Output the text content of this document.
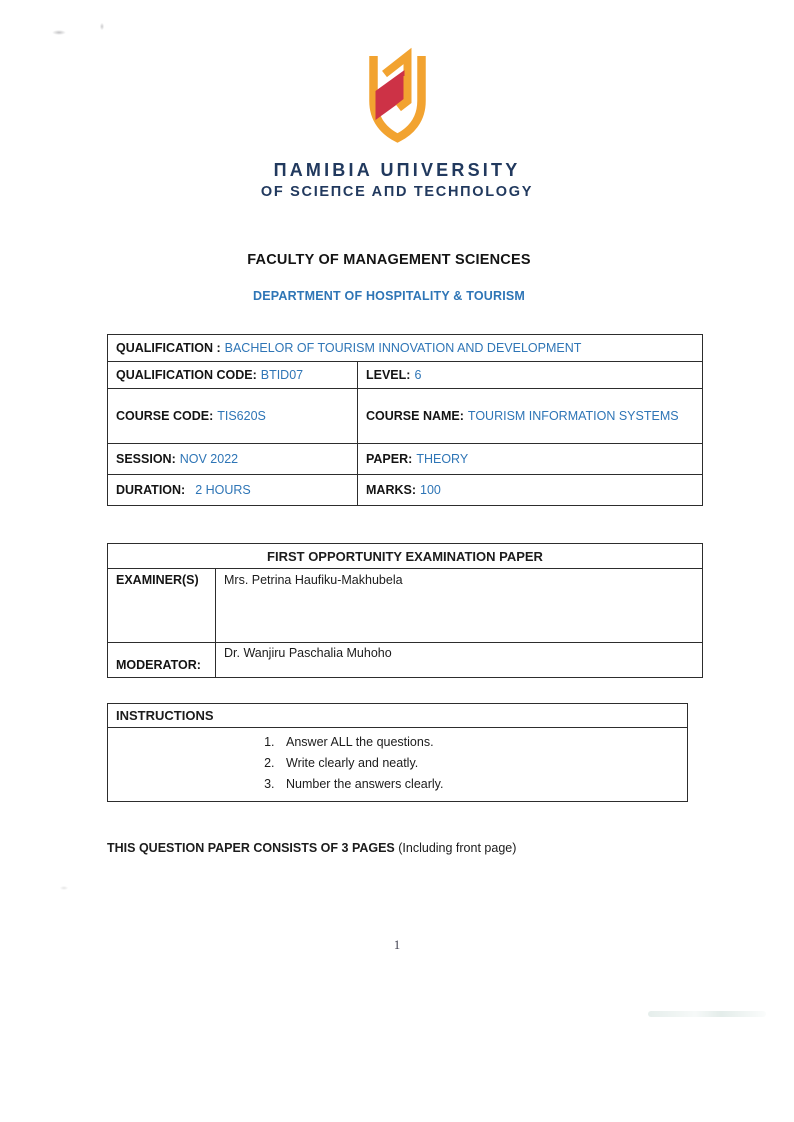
ПAMIBIA UПIVERSITY
OF SCIEПCE AПD TECHПOLOGY
FACULTY OF MANAGEMENT SCIENCES
DEPARTMENT OF HOSPITALITY & TOURISM
QUALIFICATION : BACHELOR OF TOURISM INNOVATION AND DEVELOPMENT	
QUALIFICATION CODE: BTID07	LEVEL: 6
COURSE CODE: TIS620S	COURSE NAME: TOURISM INFORMATION SYSTEMS
SESSION: NOV 2022	PAPER: THEORY
DURATION: 2 HOURS	MARKS: 100
FIRST OPPORTUNITY EXAMINATION PAPER	
EXAMINER(S)	Mrs. Petrina Haufiku-Makhubela
MODERATOR:	Dr. Wanjiru Paschalia Muhoho
INSTRUCTIONS

1. Answer ALL the questions.
2. Write clearly and neatly.
3. Number the answers clearly.
THIS QUESTION PAPER CONSISTS OF 3 PAGES (Including front page)
1
